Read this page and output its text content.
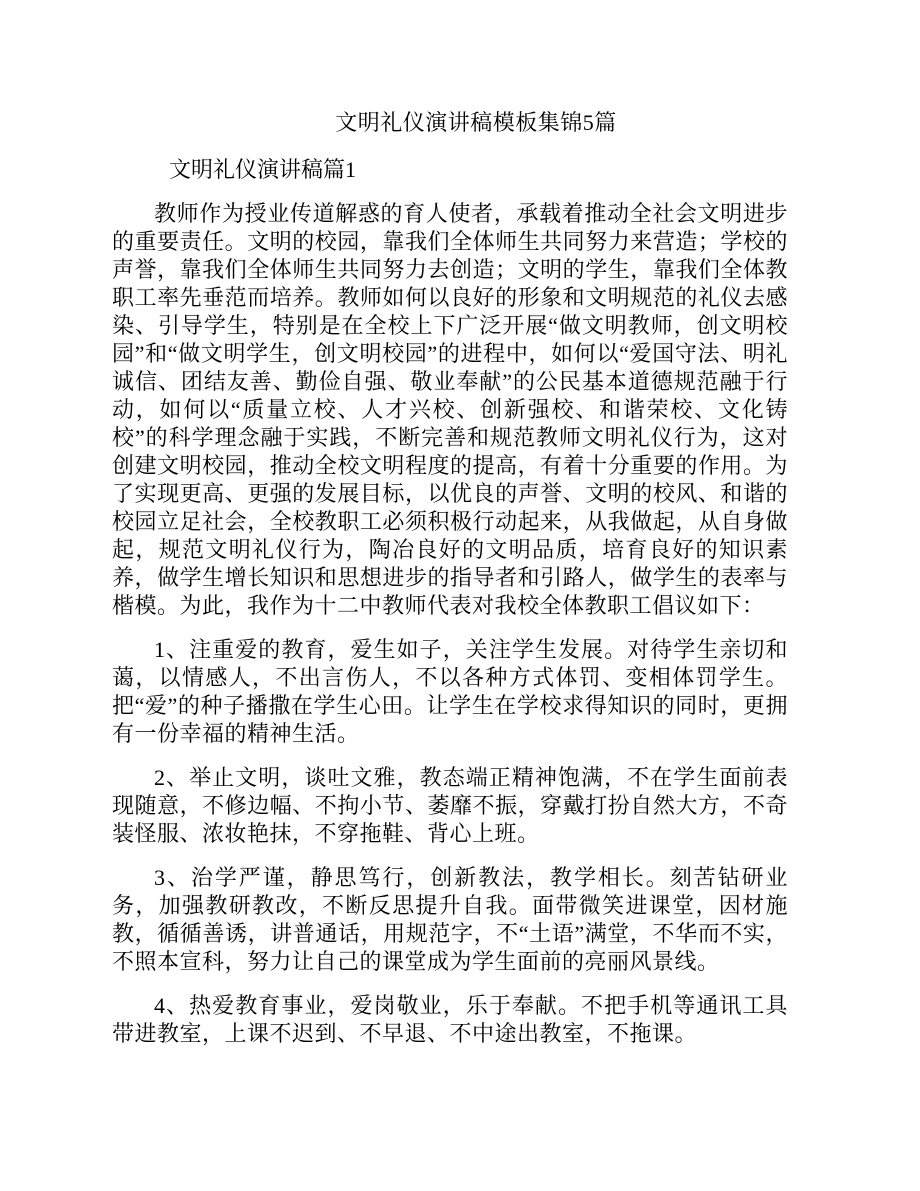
文明礼仪演讲稿模板集锦5篇
文明礼仪演讲稿篇1

教师作为授业传道解惑的育人使者，承载着推动全社会文明进步的重要责任。文明的校园，靠我们全体师生共同努力来营造；学校的声誉，靠我们全体师生共同努力去创造；文明的学生，靠我们全体教职工率先垂范而培养。教师如何以良好的形象和文明规范的礼仪去感染、引导学生，特别是在全校上下广泛开展“做文明教师，创文明校园”和“做文明学生，创文明校园”的进程中，如何以“爱国守法、明礼诚信、团结友善、勤俭自强、敬业奉献”的公民基本道德规范融于行动，如何以“质量立校、人才兴校、创新强校、和谐荣校、文化铸校”的科学理念融于实践，不断完善和规范教师文明礼仪行为，这对创建文明校园，推动全校文明程度的提高，有着十分重要的作用。为了实现更高、更强的发展目标，以优良的声誉、文明的校风、和谐的校园立足社会，全校教职工必须积极行动起来，从我做起，从自身做起，规范文明礼仪行为，陶冶良好的文明品质，培育良好的知识素养，做学生增长知识和思想进步的指导者和引路人，做学生的表率与楷模。为此，我作为十二中教师代表对我校全体教职工倡议如下：

1、注重爱的教育，爱生如子，关注学生发展。对待学生亲切和蔼，以情感人，不出言伤人，不以各种方式体罚、变相体罚学生。把“爱”的种子播撒在学生心田。让学生在学校求得知识的同时，更拥有一份幸福的精神生活。

2、举止文明，谈吐文雅，教态端正精神饱满，不在学生面前表现随意，不修边幅、不拘小节、萎靡不振，穿戴打扮自然大方，不奇装怪服、浓妆艳抹，不穿拖鞋、背心上班。

3、治学严谨，静思笃行，创新教法，教学相长。刻苦钻研业务，加强教研教改，不断反思提升自我。面带微笑进课堂，因材施教，循循善诱，讲普通话，用规范字，不“土语”满堂，不华而不实，不照本宣科，努力让自己的课堂成为学生面前的亮丽风景线。

4、热爱教育事业，爱岗敬业，乐于奉献。不把手机等通讯工具带进教室，上课不迟到、不早退、不中途出教室，不拖课。
